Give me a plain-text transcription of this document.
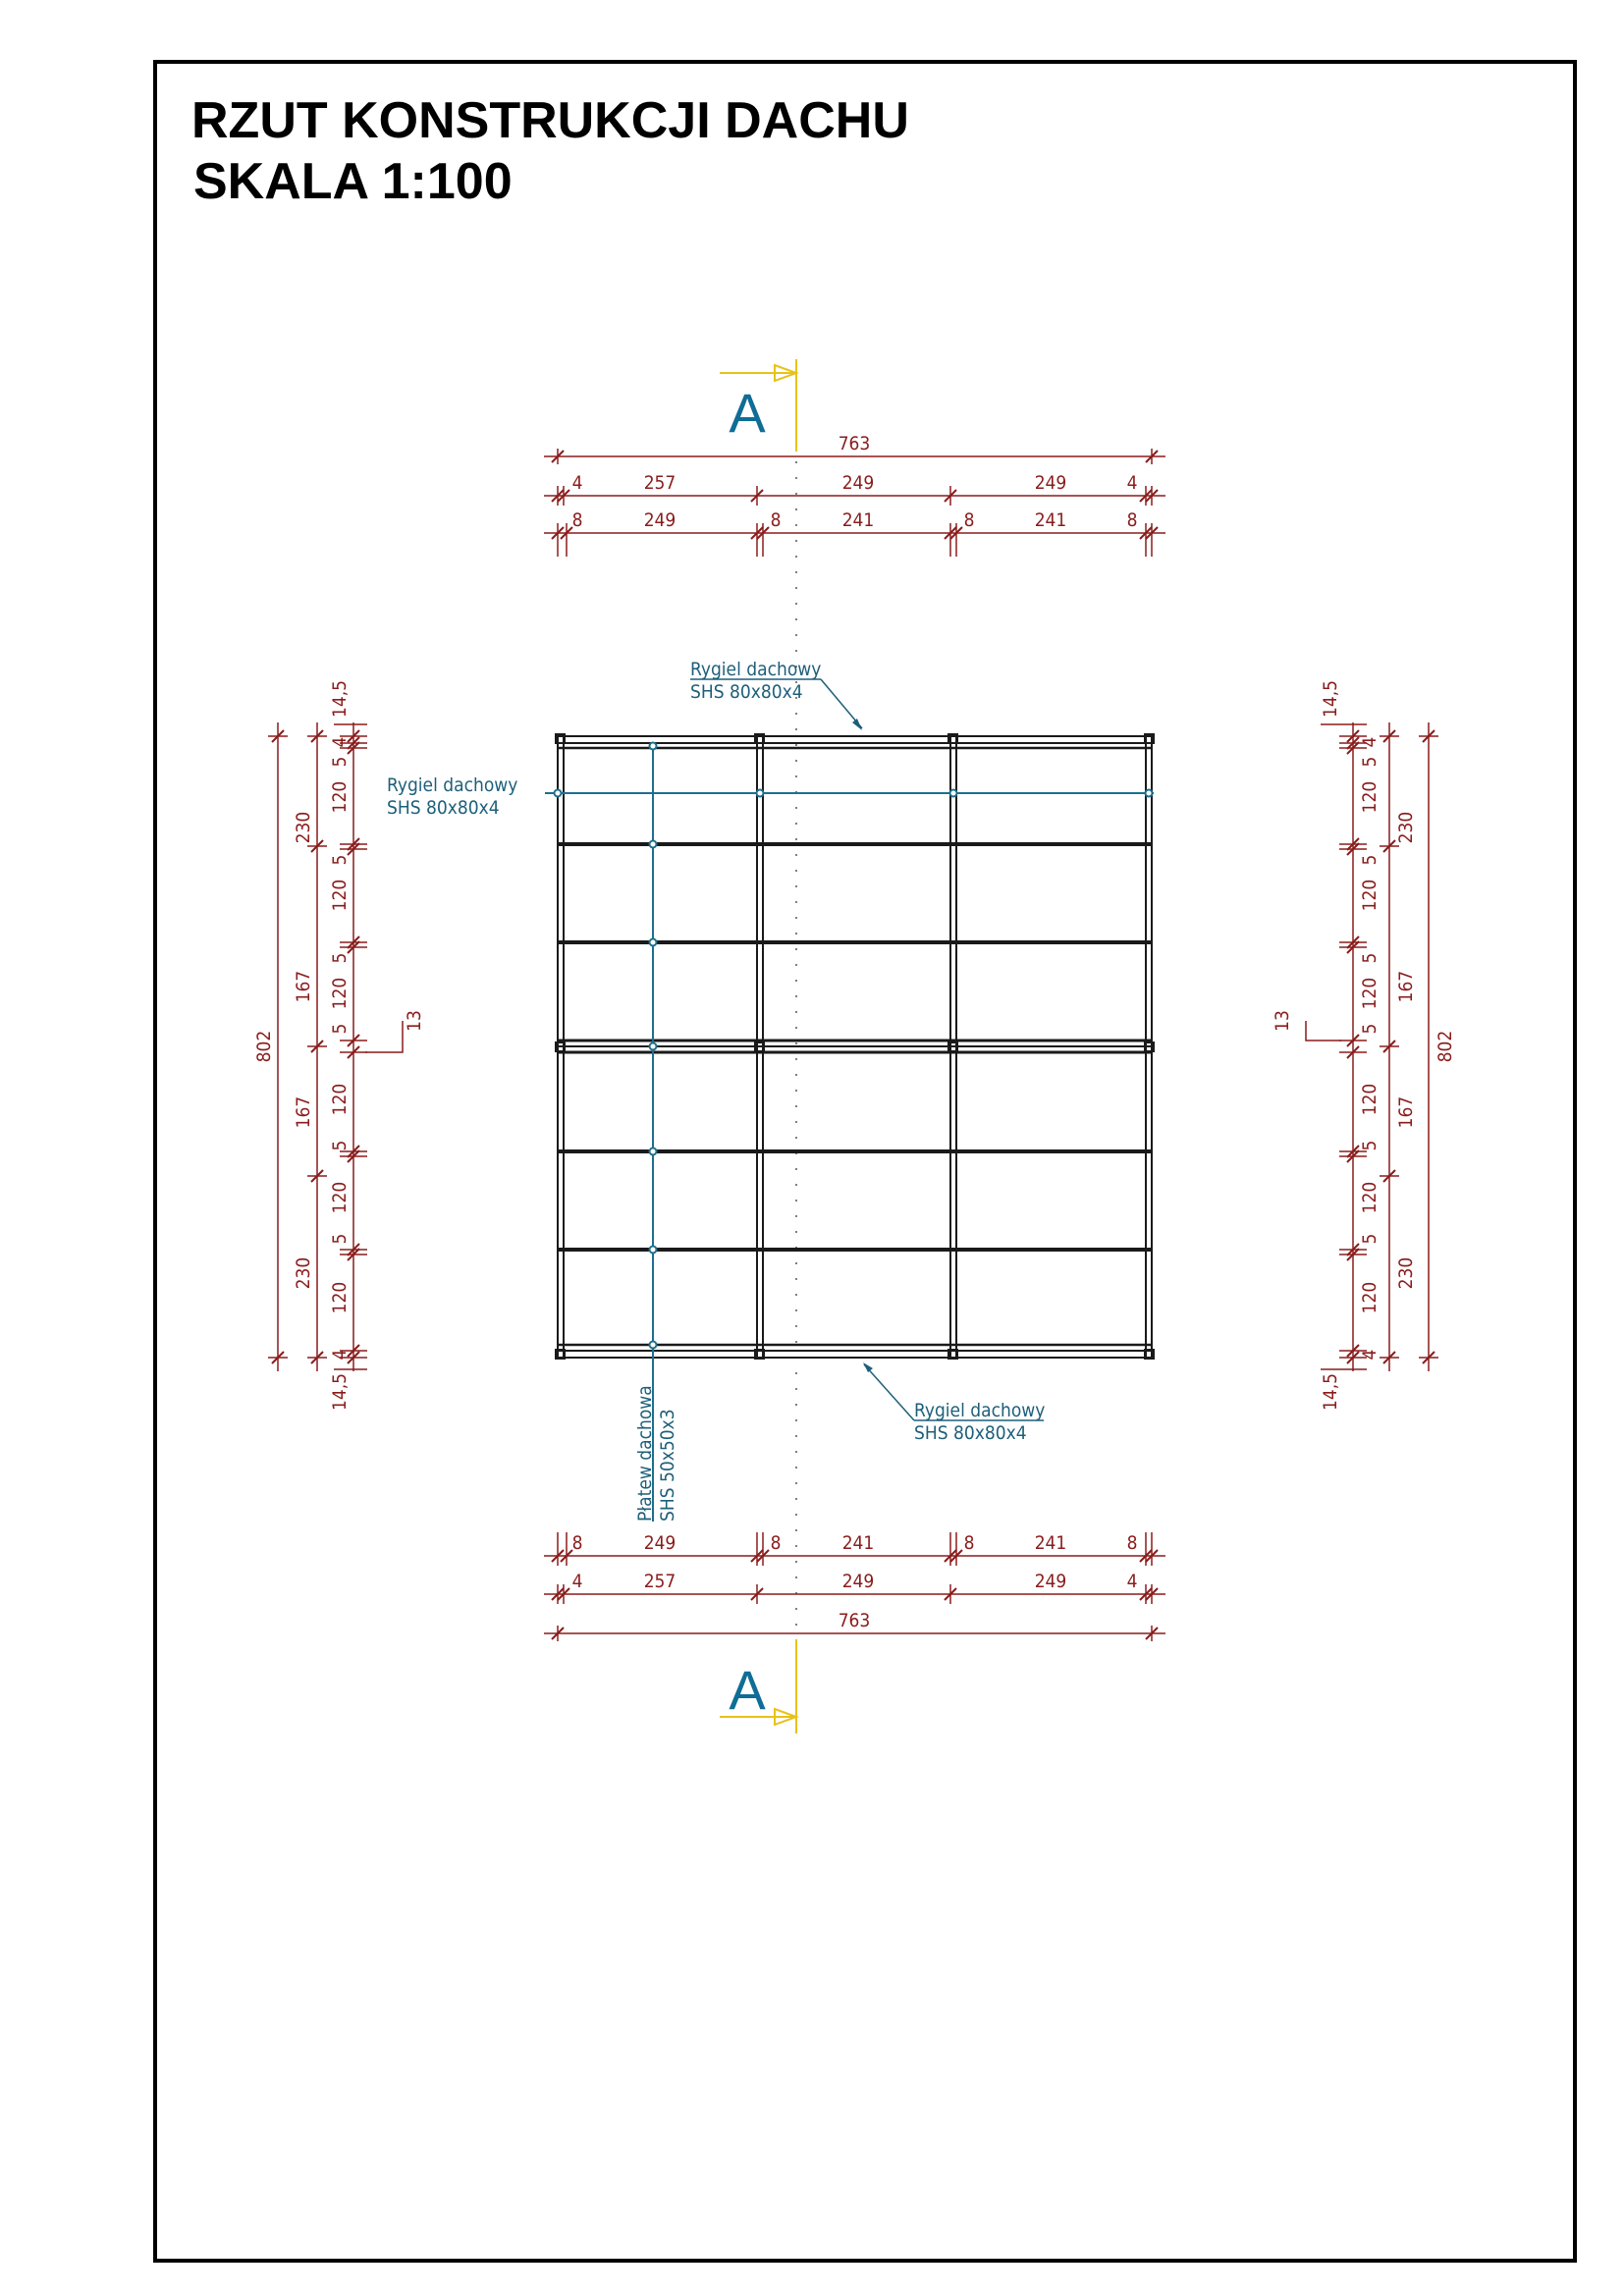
RZUT KONSTRUKCJI DACHU
SKALA 1:100
A
A
Rygiel dachowy
SHS 80x80x4
Rygiel dachowy
SHS 80x80x4
Rygiel dachowy
SHS 80x80x4
Płatew dachowa SHS 50x50x3
763
4	257	249	249	4
8	249	8	241	8	241	8
8	249	8	241	8	241	8
4	257	249	249	4
763
802
230
167
167
230
4
5
120
5
120
5
120
5
120
5
120
5
120
4
14,5
14,5
13
802
230
167
167
230
4
5
120
5
120
5
120
5
120
5
120
5
120
4
14,5
14,5
13
